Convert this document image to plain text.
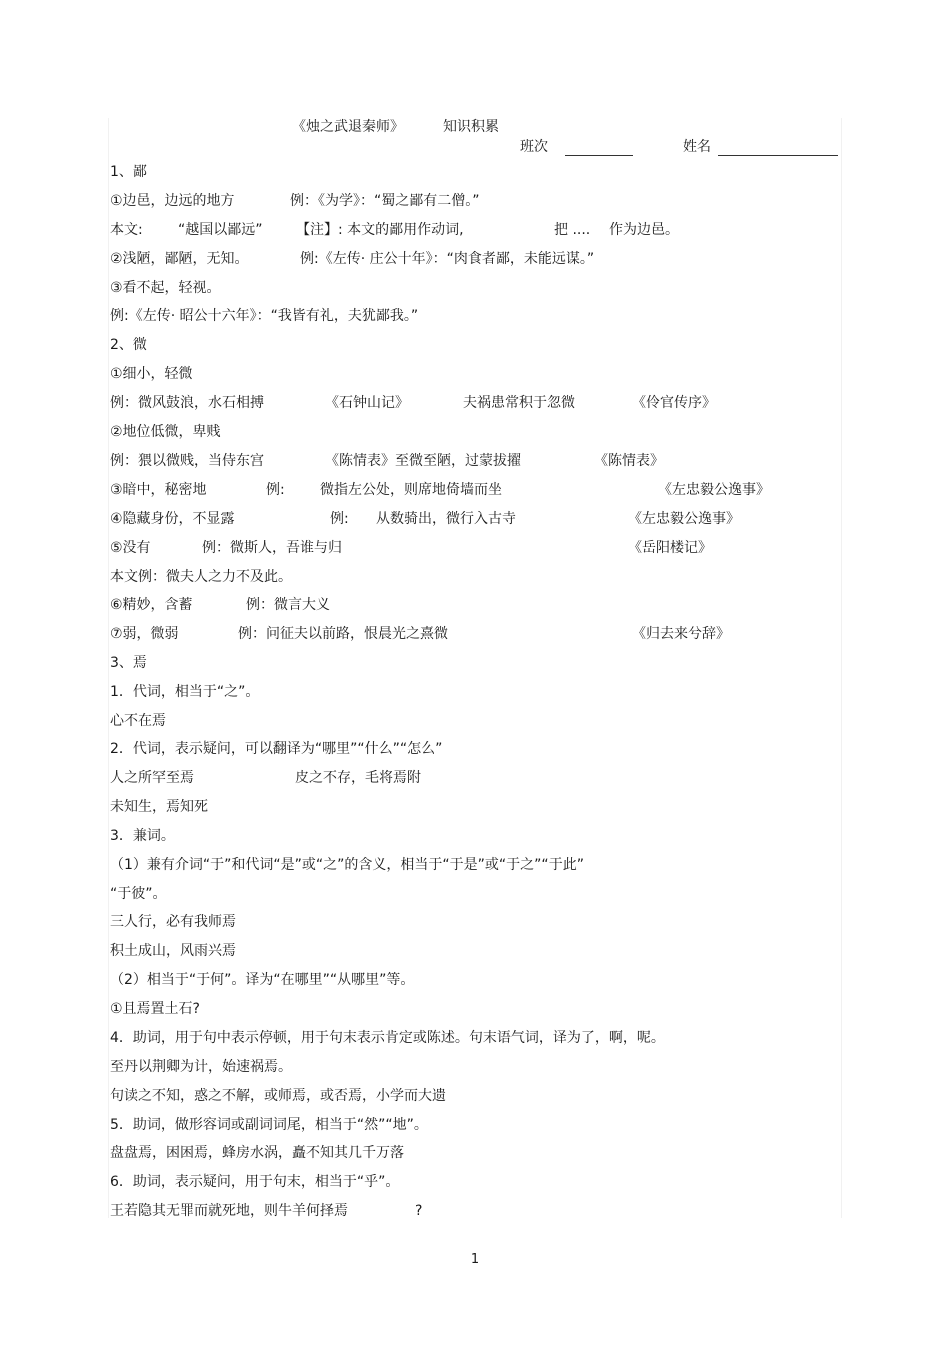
《烛之武退秦师》	知识积累
班次	姓名
1、鄙
①边邑，边远的地方	例：《为学》：“蜀之鄙有二僧。”
本文:	“越国以鄙远” 【注】: 本文的鄙用作动词,	把 .... 作为边邑。
②浅陋，鄙陋，无知。	例:《左传· 庄公十年》：“肉食者鄙，未能远谋。”
③看不起，轻视。
例:《左传· 昭公十六年》：“我皆有礼，夫犹鄙我。”
2、微
①细小，轻微
例：微风鼓浪，水石相搏	《石钟山记》	夫祸患常积于忽微	《伶官传序》
②地位低微，卑贱
例：猥以微贱，当侍东宫	《陈情表》至微至陋，过蒙拔擢	《陈情表》
③暗中，秘密地	例:	微指左公处，则席地倚墙而坐	《左忠毅公逸事》
④隐藏身份，不显露	例: 从数骑出，微行入古寺	《左忠毅公逸事》
⑤没有	例：微斯人，吾谁与归	《岳阳楼记》
本文例：微夫人之力不及此。
⑥精妙，含蓄	例：微言大义
⑦弱，微弱	例：问征夫以前路，恨晨光之熹微	《归去来兮辞》
3、焉
1．代词，相当于“之”。
心不在焉
2．代词，表示疑问，可以翻译为“哪里”“什么”“怎么”
人之所罕至焉	皮之不存，毛将焉附
未知生，焉知死
3．兼词。
（1）兼有介词“于”和代词“是”或“之”的含义，相当于“于是”或“于之”“于此”
“于彼”。
三人行，必有我师焉
积土成山，风雨兴焉
（2）相当于“于何”。译为“在哪里”“从哪里”等。
①且焉置土石?
4．助词，用于句中表示停顿，用于句末表示肯定或陈述。句末语气词，译为了，啊，呢。
至丹以荆卿为计，始速祸焉。
句读之不知，惑之不解，或师焉，或否焉，小学而大遗
5．助词，做形容词或副词词尾，相当于“然”“地”。
盘盘焉，困困焉，蜂房水涡，矗不知其几千万落
6．助词，表示疑问，用于句末，相当于“乎”。
王若隐其无罪而就死地，则牛羊何择焉	?
1
